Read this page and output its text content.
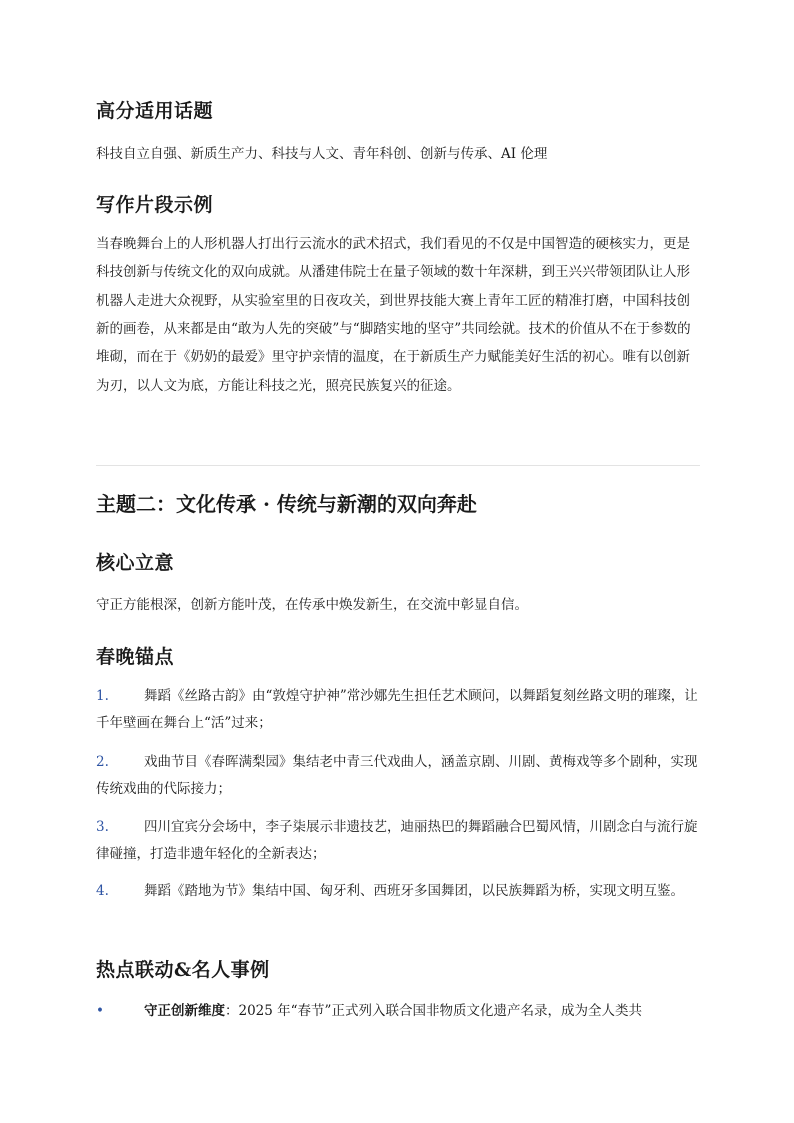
高分适用话题

科技自立自强、新质生产力、科技与人文、青年科创、创新与传承、AI 伦理

写作片段示例

当春晚舞台上的人形机器人打出行云流水的武术招式，我们看见的不仅是中国智造的硬核实力，更是科技创新与传统文化的双向成就。从潘建伟院士在量子领域的数十年深耕，到王兴兴带领团队让人形机器人走进大众视野，从实验室里的日夜攻关，到世界技能大赛上青年工匠的精准打磨，中国科技创新的画卷，从来都是由“敢为人先的突破”与“脚踏实地的坚守”共同绘就。技术的价值从不在于参数的堆砌，而在于《奶奶的最爱》里守护亲情的温度，在于新质生产力赋能美好生活的初心。唯有以创新为刃，以人文为底，方能让科技之光，照亮民族复兴的征途。

主题二：文化传承 · 传统与新潮的双向奔赴
核心立意

守正方能根深，创新方能叶茂，在传承中焕发新生，在交流中彰显自信。

春晚锚点

1.	舞蹈《丝路古韵》由“敦煌守护神”常沙娜先生担任艺术顾问，以舞蹈复刻丝路文明的璀璨，让千年壁画在舞台上“活”过来；

2.	戏曲节目《春晖满梨园》集结老中青三代戏曲人，涵盖京剧、川剧、黄梅戏等多个剧种，实现传统戏曲的代际接力；

3.	四川宜宾分会场中，李子柒展示非遗技艺，迪丽热巴的舞蹈融合巴蜀风情，川剧念白与流行旋律碰撞，打造非遗年轻化的全新表达；

4.	舞蹈《踏地为节》集结中国、匈牙利、西班牙多国舞团，以民族舞蹈为桥，实现文明互鉴。

热点联动&名人事例

•	守正创新维度：2025 年“春节”正式列入联合国非物质文化遗产名录，成为全人类共
